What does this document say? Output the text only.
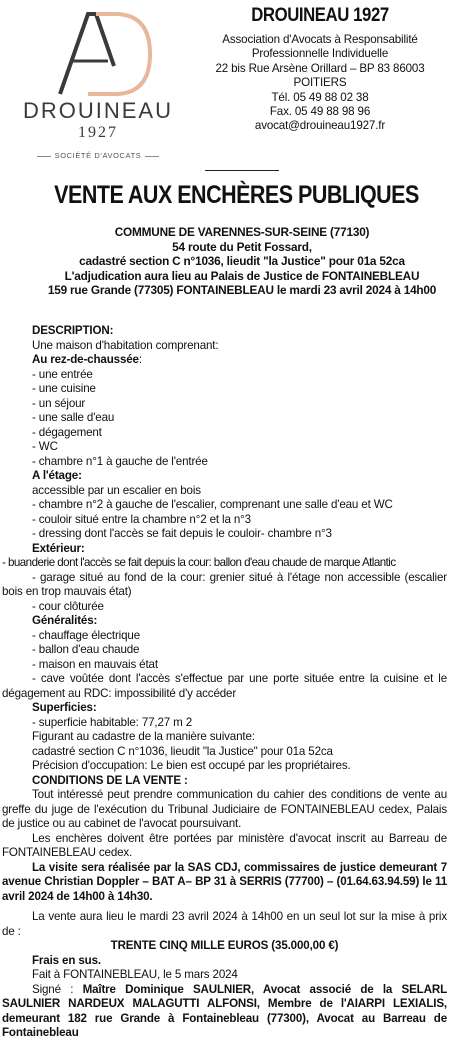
DROUINEAU
1927
SOCIÉTÉ D'AVOCATS
DROUINEAU 1927
Association d'Avocats à Responsabilité
Professionnelle Individuelle
22 bis Rue Arsène Orillard – BP 83 86003
POITIERS
Tél. 05 49 88 02 38
Fax. 05 49 88 98 96
avocat@drouineau1927.fr
VENTE AUX ENCHÈRES PUBLIQUES
COMMUNE DE VARENNES-SUR-SEINE (77130)
54 route du Petit Fossard,
cadastré section C n°1036, lieudit "la Justice" pour 01a 52ca
L'adjudication aura lieu au Palais de Justice de FONTAINEBLEAU
159 rue Grande (77305) FONTAINEBLEAU le mardi 23 avril 2024 à 14h00
DESCRIPTION:
Une maison d'habitation comprenant:
Au rez-de-chaussée:
- une entrée
- une cuisine
- un séjour
- une salle d'eau
- dégagement
- WC
- chambre n°1 à gauche de l'entrée
A l'étage:
accessible par un escalier en bois
- chambre n°2 à gauche de l'escalier, comprenant une salle d'eau et WC
- couloir situé entre la chambre n°2 et la n°3
- dressing dont l'accès se fait depuis le couloir- chambre n°3
Extérieur:
- buanderie dont l'accès se fait depuis la cour: ballon d'eau chaude de marque Atlantic
- garage situé au fond de la cour: grenier situé à l'étage non accessible (escalier bois en trop mauvais état)
- cour clôturée
Généralités:
- chauffage électrique
- ballon d'eau chaude
- maison en mauvais état
- cave voûtée dont l'accès s'effectue par une porte située entre la cuisine et le dégagement au RDC: impossibilité d'y accéder
Superficies:
- superficie habitable: 77,27 m 2
Figurant au cadastre de la manière suivante:
cadastré section C n°1036, lieudit "la Justice" pour 01a 52ca
Précision d'occupation: Le bien est occupé par les propriétaires.
CONDITIONS DE LA VENTE :
Tout intéressé peut prendre communication du cahier des conditions de vente au greffe du juge de l'exécution du Tribunal Judiciaire de FONTAINEBLEAU cedex, Palais de justice ou au cabinet de l'avocat poursuivant.
Les enchères doivent être portées par ministère d'avocat inscrit au Barreau de FONTAINEBLEAU cedex.
La visite sera réalisée par la SAS CDJ, commissaires de justice demeurant 7 avenue Christian Doppler – BAT A– BP 31 à SERRIS (77700) – (01.64.63.94.59) le 11 avril 2024 de 14h00 à 14h30.
La vente aura lieu le mardi 23 avril 2024 à 14h00 en un seul lot sur la mise à prix de :
TRENTE CINQ MILLE EUROS (35.000,00 €)
Frais en sus.
Fait à FONTAINEBLEAU, le 5 mars 2024
Signé : Maître Dominique SAULNIER, Avocat associé de la SELARL SAULNIER NARDEUX MALAGUTTI ALFONSI, Membre de l'AIARPI LEXIALIS, demeurant 182 rue Grande à Fontainebleau (77300), Avocat au Barreau de Fontainebleau
